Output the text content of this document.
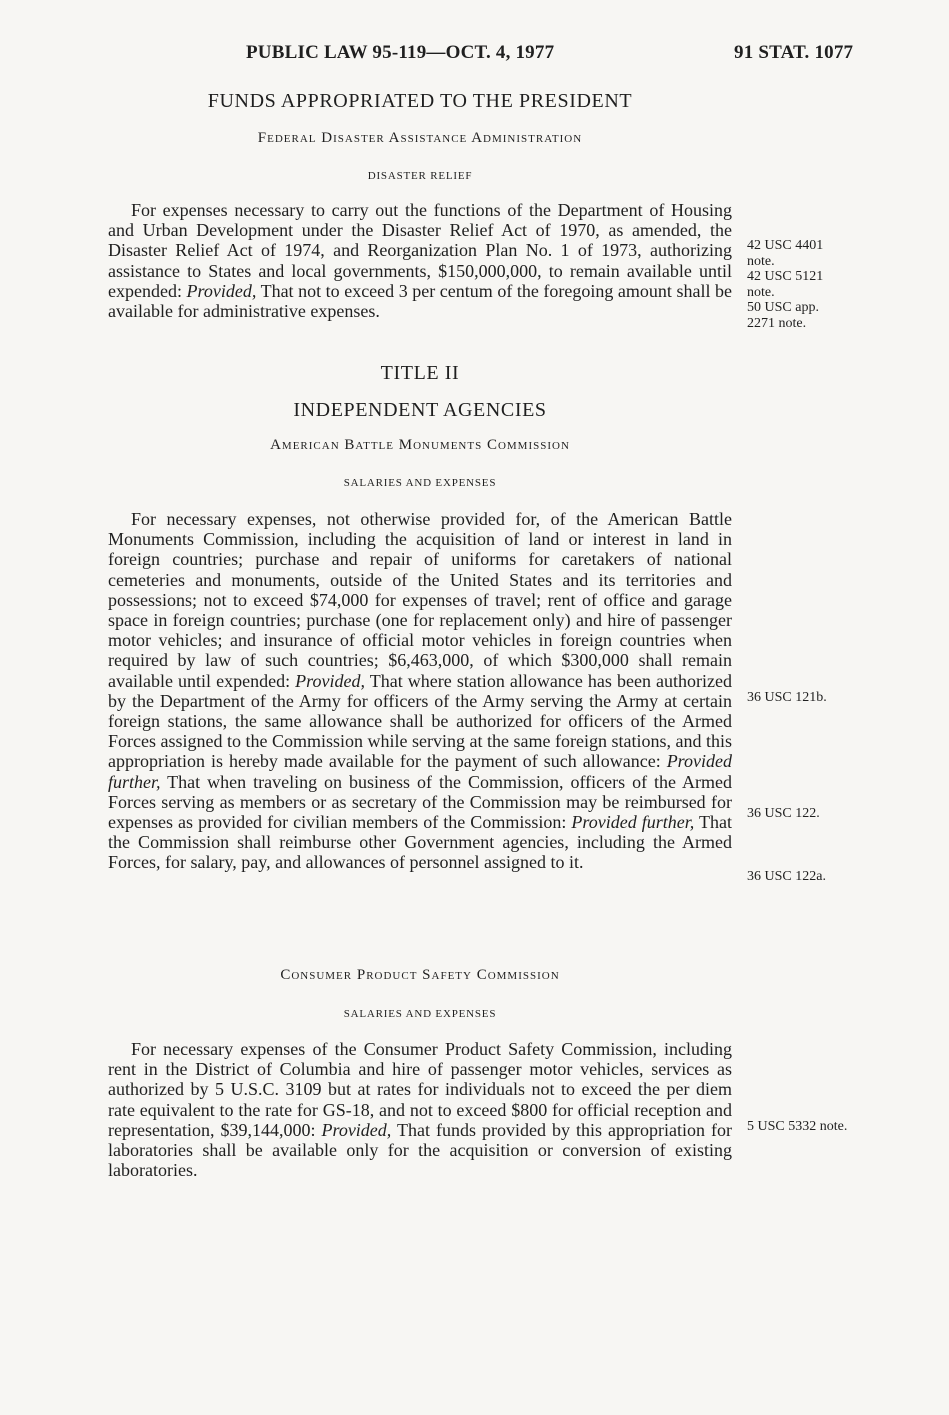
PUBLIC LAW 95-119—OCT. 4, 1977	91 STAT. 1077
FUNDS APPROPRIATED TO THE PRESIDENT
Federal Disaster Assistance Administration
DISASTER RELIEF

For expenses necessary to carry out the functions of the Department of Housing and Urban Development under the Disaster Relief Act of 1970, as amended, the Disaster Relief Act of 1974, and Reorganization Plan No. 1 of 1973, authorizing assistance to States and local governments, $150,000,000, to remain available until expended: Provided, That not to exceed 3 per centum of the foregoing amount shall be available for administrative expenses.

42 USC 4401
note.
42 USC 5121
note.
50 USC app.
2271 note.
TITLE II
INDEPENDENT AGENCIES
American Battle Monuments Commission
SALARIES AND EXPENSES

For necessary expenses, not otherwise provided for, of the American Battle Monuments Commission, including the acquisition of land or interest in land in foreign countries; purchase and repair of uniforms for caretakers of national cemeteries and monuments, outside of the United States and its territories and possessions; not to exceed $74,000 for expenses of travel; rent of office and garage space in foreign countries; purchase (one for replacement only) and hire of passenger motor vehicles; and insurance of official motor vehicles in foreign countries when required by law of such countries; $6,463,000, of which $300,000 shall remain available until expended: Provided, That where station allowance has been authorized by the Department of the Army for officers of the Army serving the Army at certain foreign stations, the same allowance shall be authorized for officers of the Armed Forces assigned to the Commission while serving at the same foreign stations, and this appropriation is hereby made available for the payment of such allowance: Provided further, That when traveling on business of the Commission, officers of the Armed Forces serving as members or as secretary of the Commission may be reimbursed for expenses as provided for civilian members of the Commission: Provided further, That the Commission shall reimburse other Government agencies, including the Armed Forces, for salary, pay, and allowances of personnel assigned to it.

36 USC 121b.
36 USC 122.
36 USC 122a.
Consumer Product Safety Commission
SALARIES AND EXPENSES

For necessary expenses of the Consumer Product Safety Commission, including rent in the District of Columbia and hire of passenger motor vehicles, services as authorized by 5 U.S.C. 3109 but at rates for individuals not to exceed the per diem rate equivalent to the rate for GS-18, and not to exceed $800 for official reception and representation, $39,144,000: Provided, That funds provided by this appropriation for laboratories shall be available only for the acquisition or conversion of existing laboratories.

5 USC 5332 note.
